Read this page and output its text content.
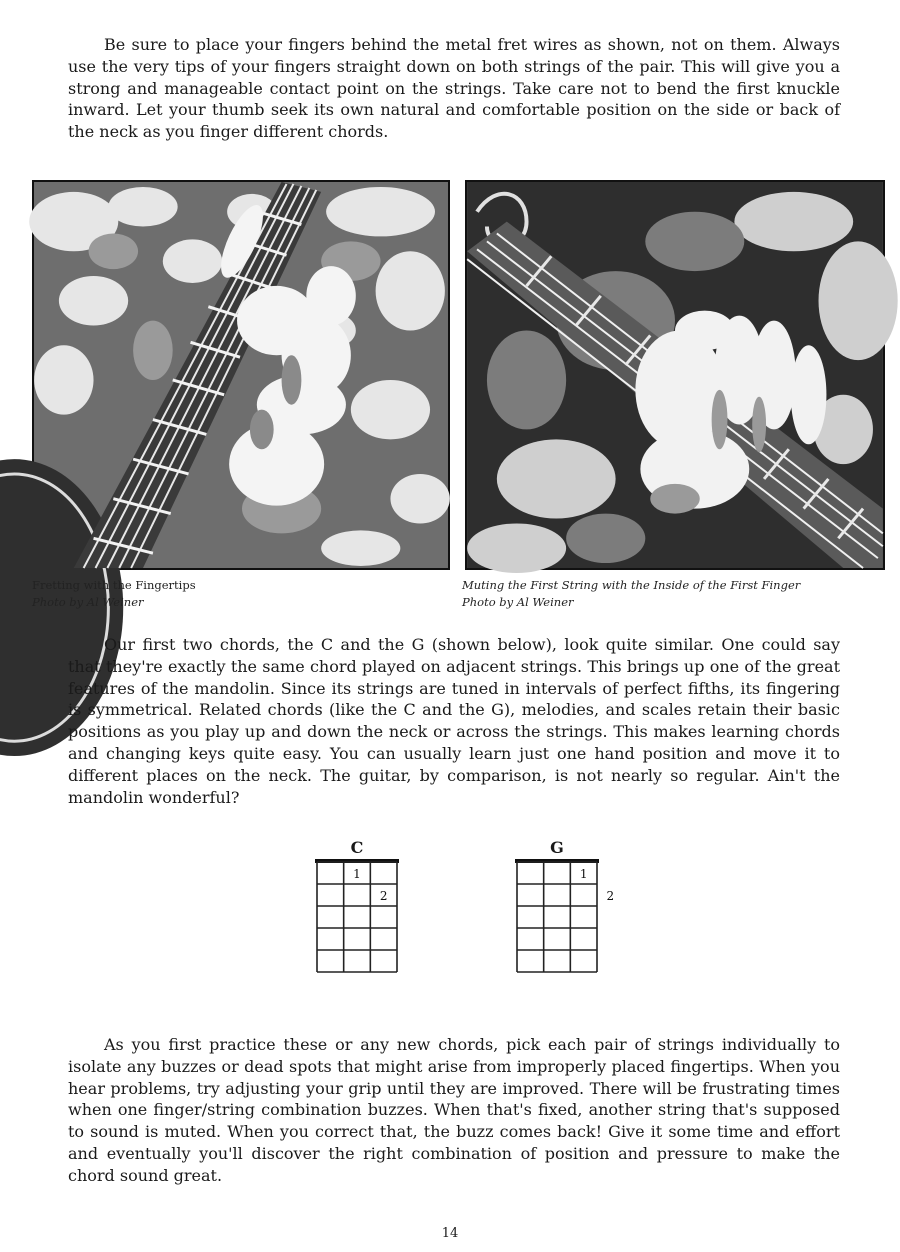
Be sure to place your fingers behind the metal fret wires as shown, not on them. Always use the very tips of your fingers straight down on both strings of the pair. This will give you a strong and manageable contact point on the strings. Take care not to bend the first knuckle inward. Let your thumb seek its own natural and comfortable position on the side or back of the neck as you finger different chords.

Fretting with the Fingertips
Photo by Al Weiner
Muting the First String with the Inside of the First Finger
Photo by Al Weiner

Our first two chords, the C and the G (shown below), look quite similar. One could say that they're exactly the same chord played on adjacent strings. This brings up one of the great features of the mandolin. Since its strings are tuned in intervals of perfect fifths, its fingering is symmetrical. Related chords (like the C and the G), melodies, and scales retain their basic positions as you play up and down the neck or across the strings. This makes learning chords and changing keys quite easy. You can usually learn just one hand position and move it to different places on the neck. The guitar, by comparison, is not nearly so regular. Ain't the mandolin wonderful?

C
1
2
G
1
2

As you first practice these or any new chords, pick each pair of strings individually to isolate any buzzes or dead spots that might arise from improperly placed fingertips. When you hear problems, try adjusting your grip until they are improved. There will be frustrating times when one finger/string combination buzzes. When that's fixed, another string that's supposed to sound is muted. When you correct that, the buzz comes back! Give it some time and effort and eventually you'll discover the right combination of position and pressure to make the chord sound great.

14
